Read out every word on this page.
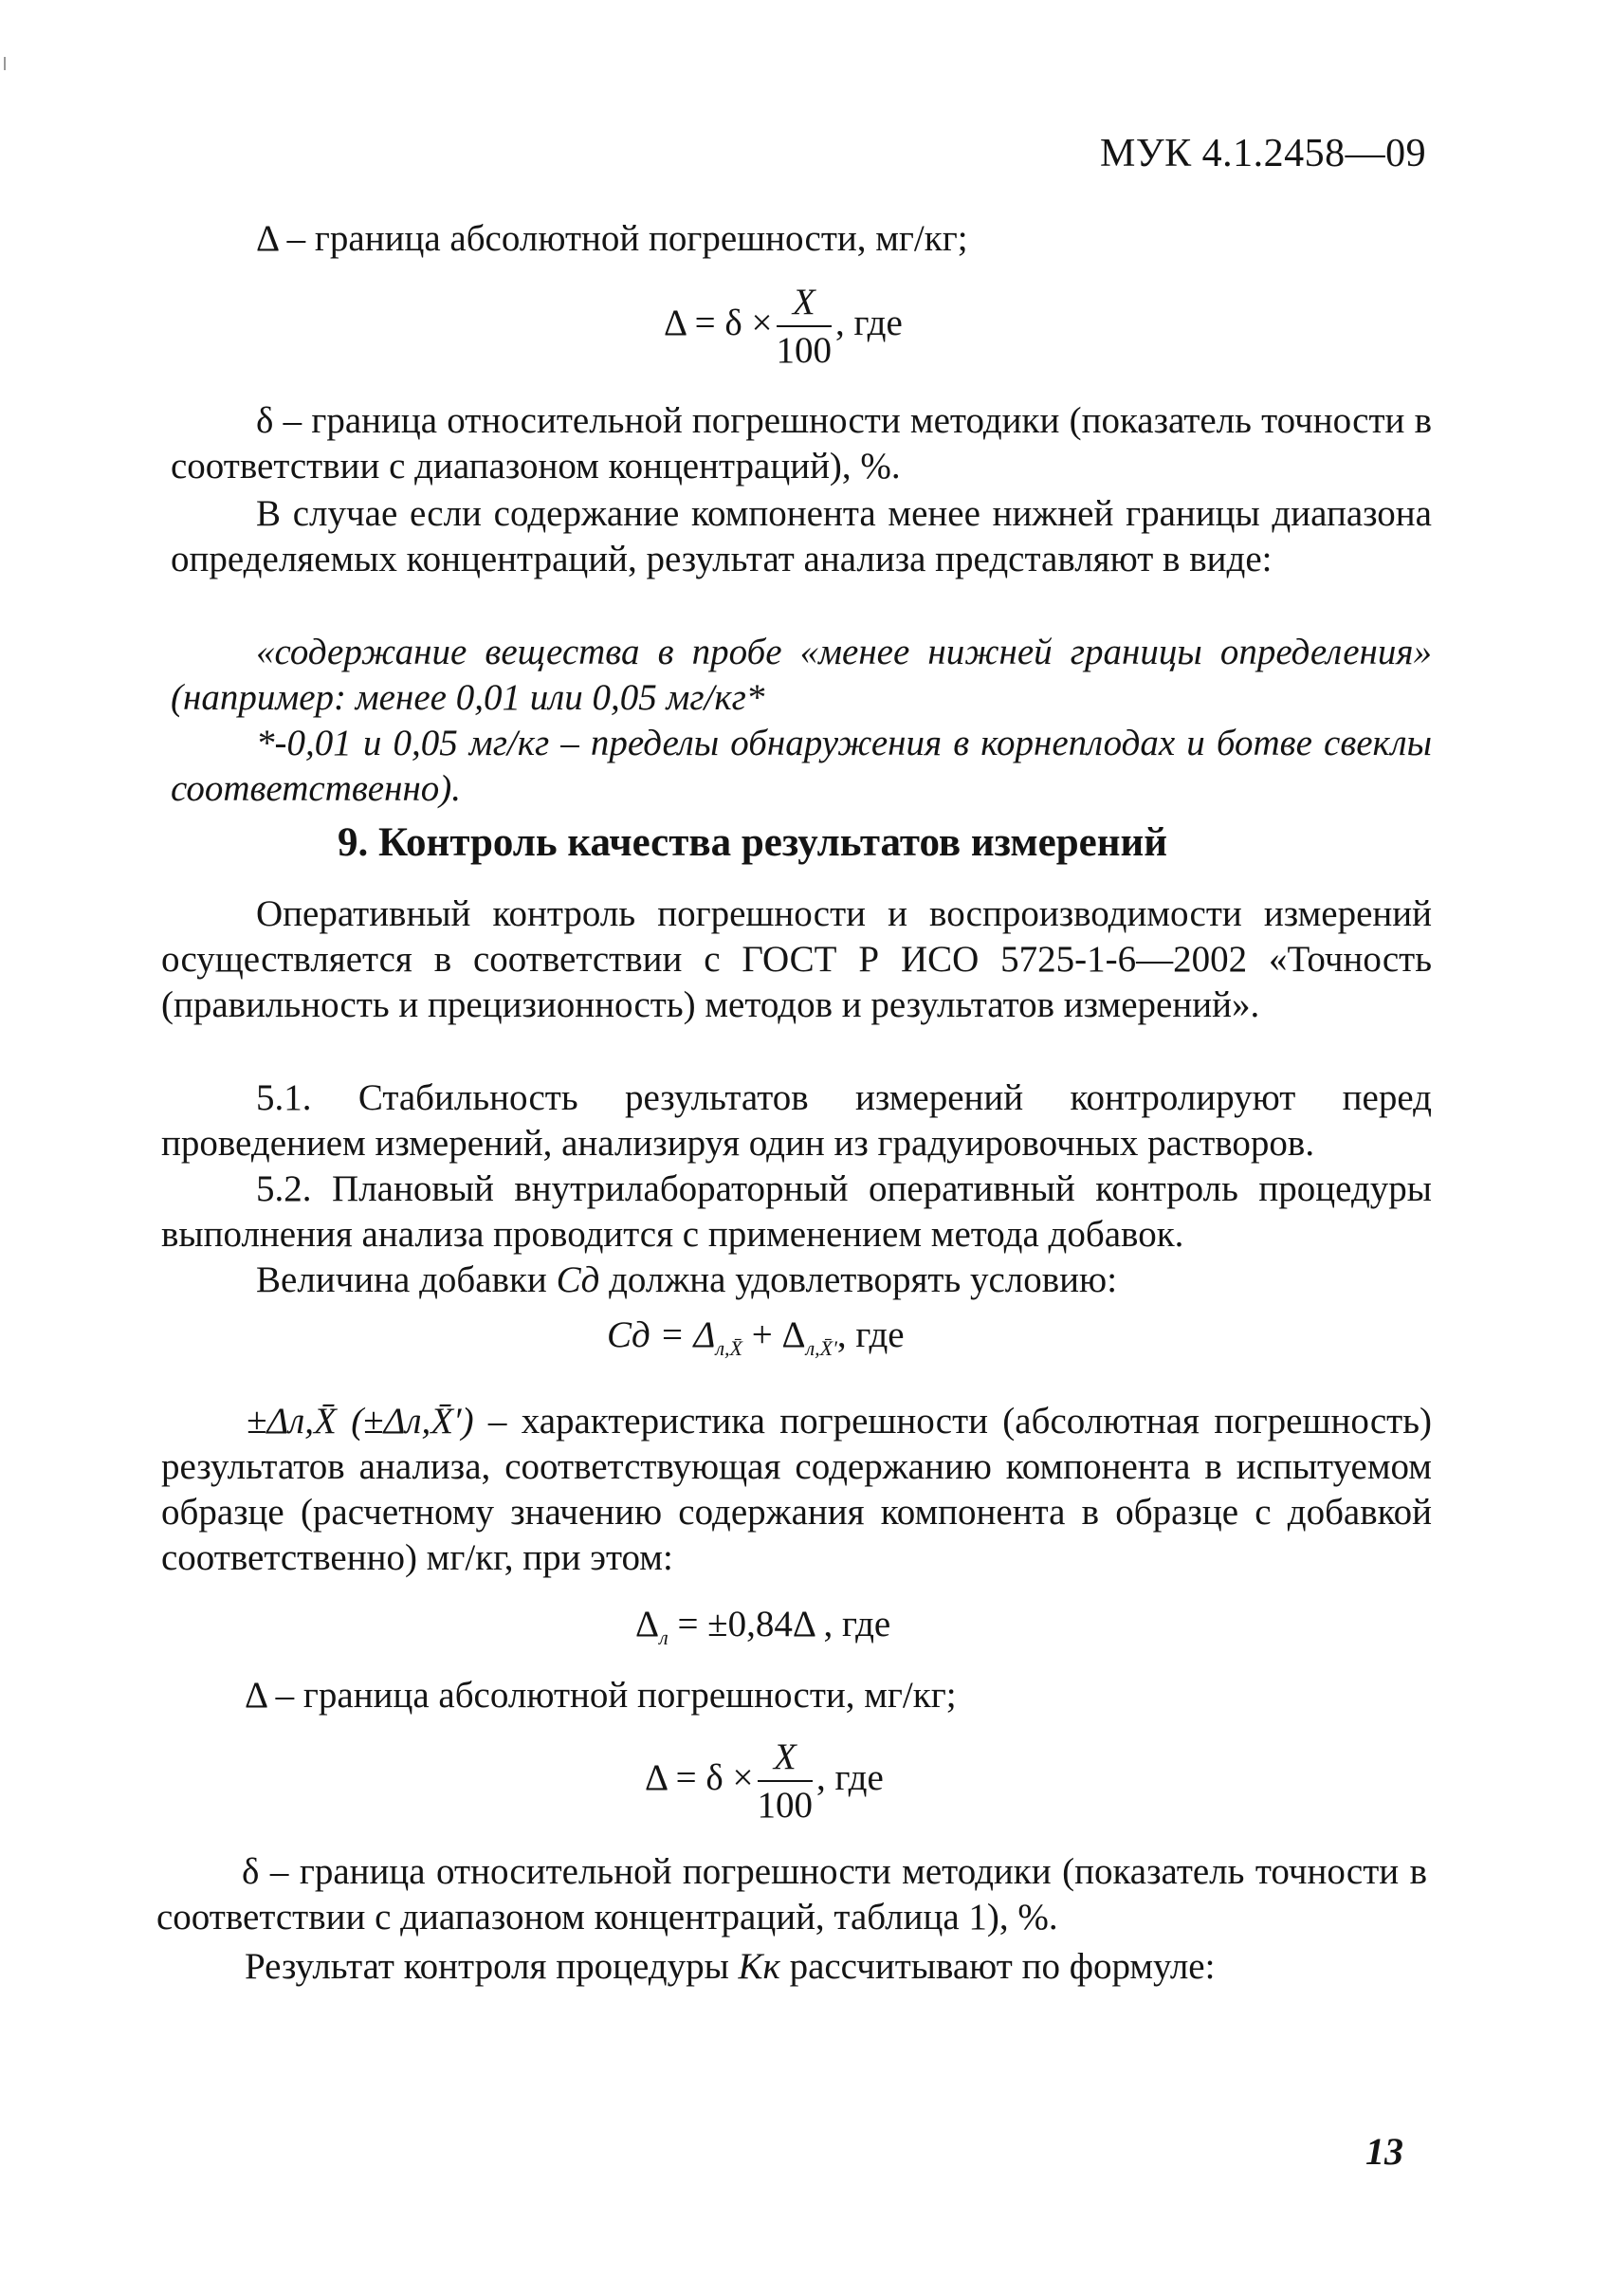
МУК 4.1.2458—09

Δ – граница абсолютной погрешности, мг/кг;

$\Delta = \delta \times \frac{X}{100}$ , где

δ – граница относительной погрешности методики (показатель точности в соответствии с диапазоном концентраций), %.

В случае если содержание компонента менее нижней границы диапазона определяемых концентраций, результат анализа представляют в виде:

«содержание вещества в пробе «менее нижней границы определения» (например: менее 0,01 или 0,05 мг/кг*

*-0,01 и 0,05 мг/кг – пределы обнаружения в корнеплодах и ботве свеклы соответственно).

9. Контроль качества результатов измерений

Оперативный контроль погрешности и воспроизводимости измерений осуществляется в соответствии с ГОСТ Р ИСО 5725-1-6—2002 «Точность (правильность и прецизионность) методов и результатов измерений».

5.1. Стабильность результатов измерений контролируют перед проведением измерений, анализируя один из градуировочных растворов.

5.2. Плановый внутрилабораторный оперативный контроль процедуры выполнения анализа проводится с применением метода добавок.

Величина добавки Cд должна удовлетворять условию:

Cд = $\Delta_{л,X̄} + \Delta_{л,X̄'}$, где

±Δл,X̄ (±Δл,X̄′) – характеристика погрешности (абсолютная погрешность) результатов анализа, соответствующая содержанию компонента в испытуемом образце (расчетному значению содержания компонента в образце с добавкой соответственно) мг/кг, при этом:

$\Delta_л = \pm 0,84\Delta$ , где

Δ – граница абсолютной погрешности, мг/кг;

$\Delta = \delta \times \frac{X}{100}$ , где

δ – граница относительной погрешности методики (показатель точности в соответствии с диапазоном концентраций, таблица 1), %.

Результат контроля процедуры Kк рассчитывают по формуле:

13
